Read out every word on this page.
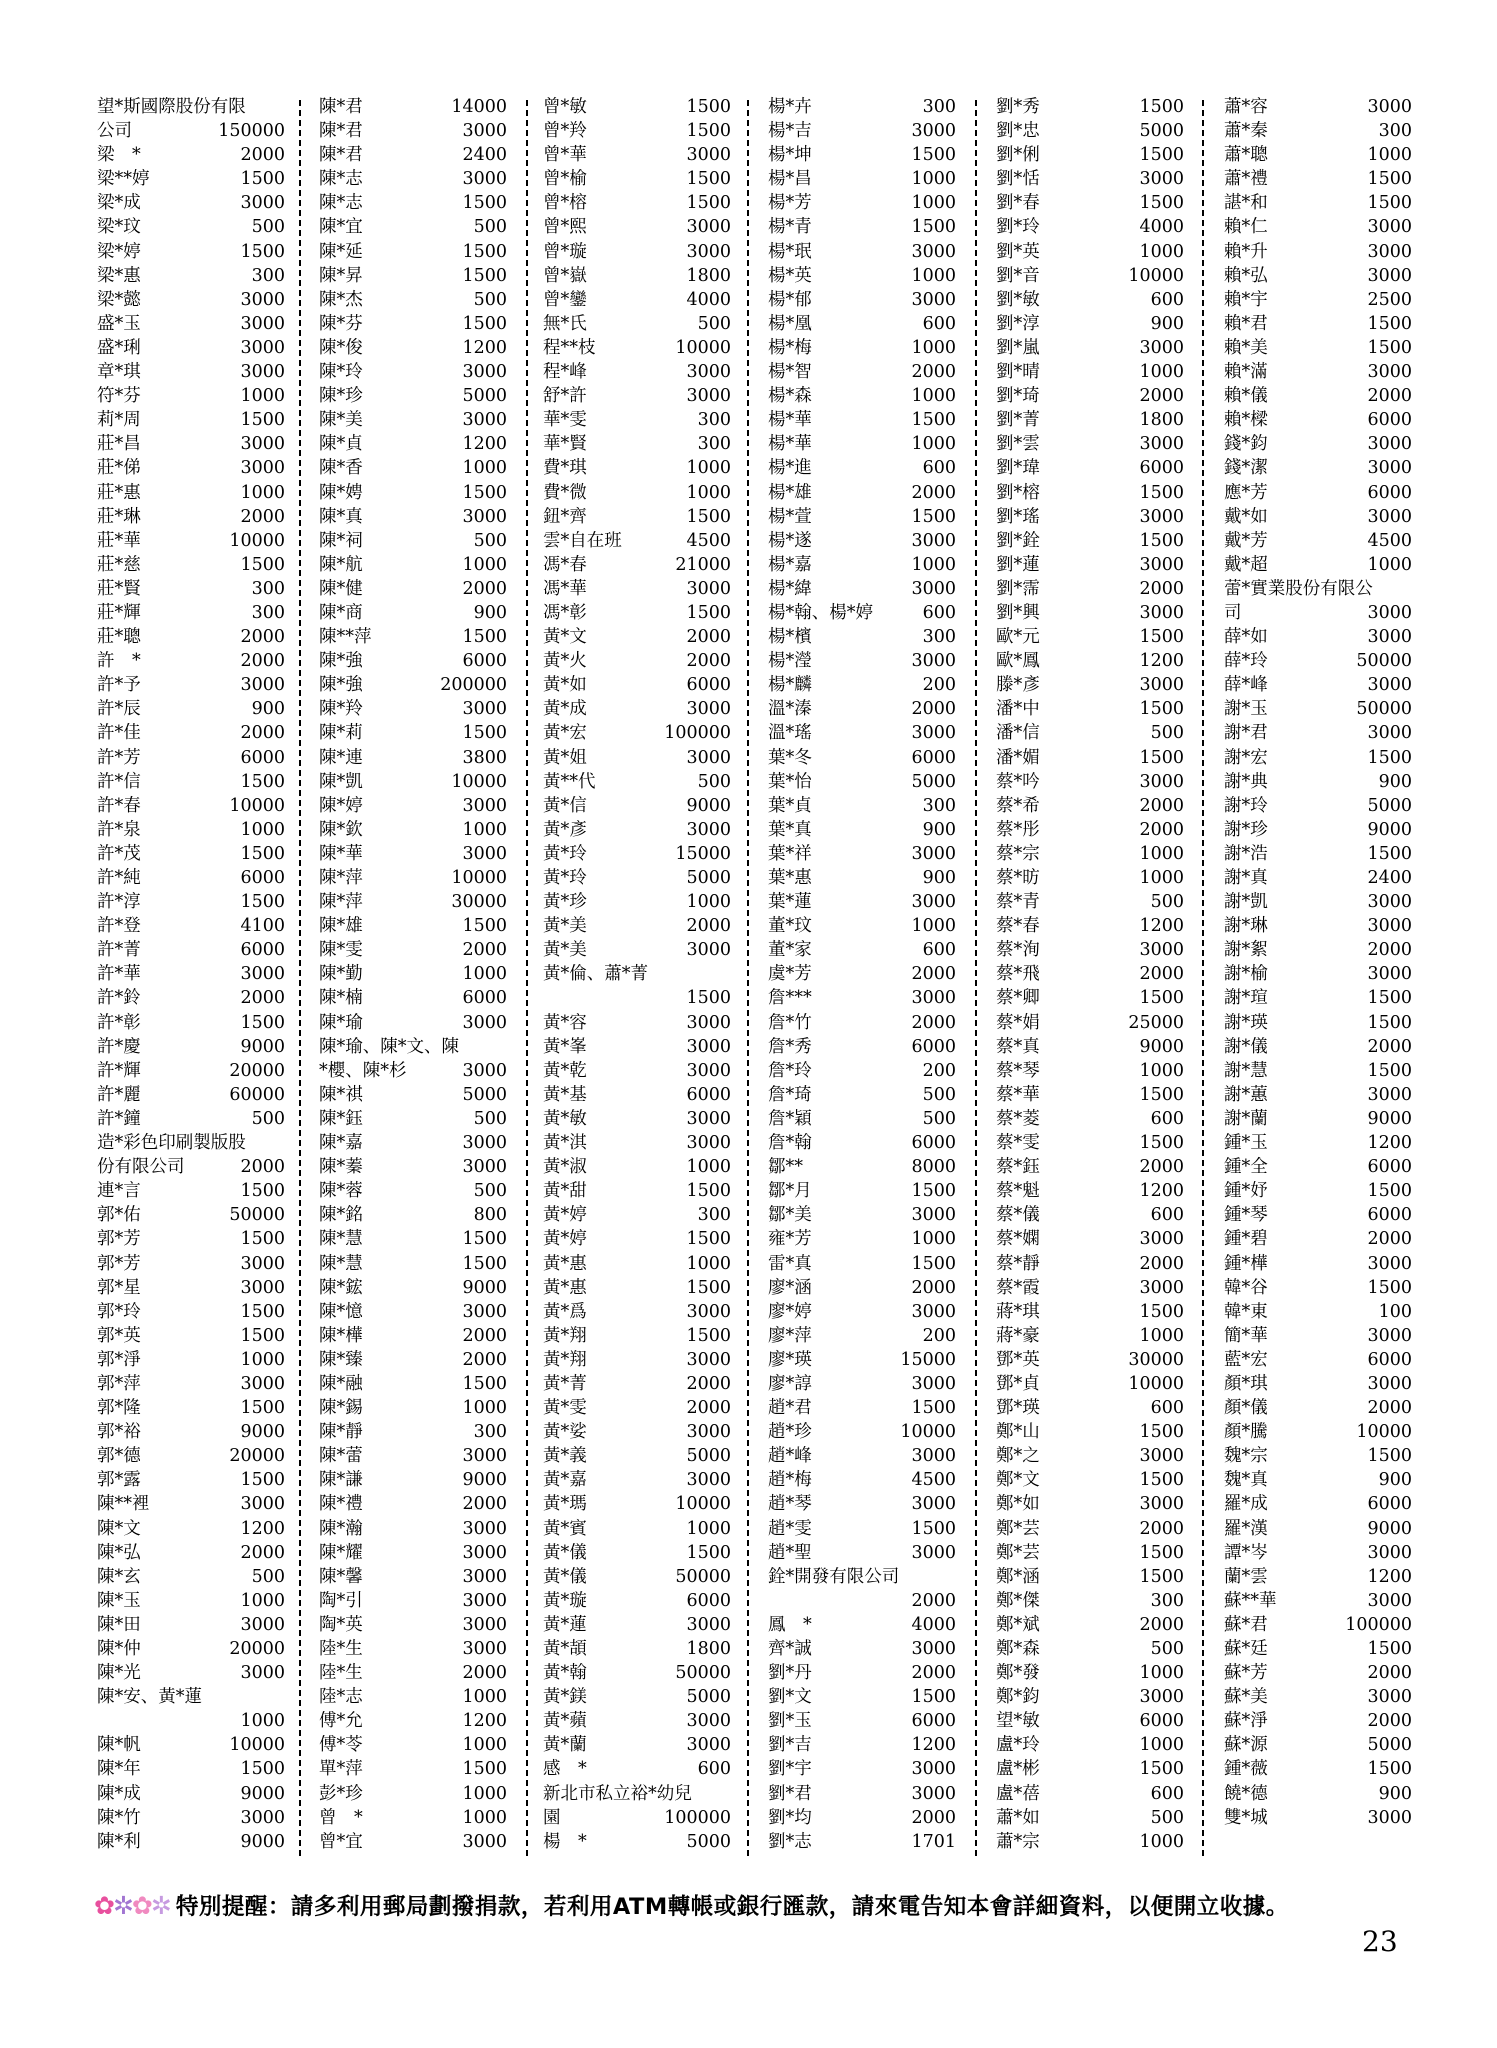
望*斯國際股份有限
公司	150000
梁　*	2000
梁**婷	1500
梁*成	3000
梁*玟	500
梁*婷	1500
梁*惠	300
梁*懿	3000
盛*玉	3000
盛*琍	3000
章*琪	3000
符*芬	1000
莉*周	1500
莊*昌	3000
莊*俤	3000
莊*惠	1000
莊*琳	2000
莊*華	10000
莊*慈	1500
莊*賢	300
莊*輝	300
莊*聰	2000
許　*	2000
許*予	3000
許*辰	900
許*佳	2000
許*芳	6000
許*信	1500
許*春	10000
許*泉	1000
許*茂	1500
許*純	6000
許*淳	1500
許*登	4100
許*菁	6000
許*華	3000
許*鈴	2000
許*彰	1500
許*慶	9000
許*輝	20000
許*麗	60000
許*鐘	500
造*彩色印刷製版股
份有限公司	2000
連*言	1500
郭*佑	50000
郭*芳	1500
郭*芳	3000
郭*星	3000
郭*玲	1500
郭*英	1500
郭*淨	1000
郭*萍	3000
郭*隆	1500
郭*裕	9000
郭*德	20000
郭*露	1500
陳**裡	3000
陳*文	1200
陳*弘	2000
陳*玄	500
陳*玉	1000
陳*田	3000
陳*仲	20000
陳*光	3000
陳*安、黃*蓮
1000
陳*帆	10000
陳*年	1500
陳*成	9000
陳*竹	3000
陳*利	9000
陳*君	14000
陳*君	3000
陳*君	2400
陳*志	3000
陳*志	1500
陳*宜	500
陳*延	1500
陳*昇	1500
陳*杰	500
陳*芬	1500
陳*俊	1200
陳*玲	3000
陳*珍	5000
陳*美	3000
陳*貞	1200
陳*香	1000
陳*娉	1500
陳*真	3000
陳*祠	500
陳*航	1000
陳*健	2000
陳*商	900
陳**萍	1500
陳*強	6000
陳*強	200000
陳*羚	3000
陳*莉	1500
陳*連	3800
陳*凱	10000
陳*婷	3000
陳*欽	1000
陳*華	3000
陳*萍	10000
陳*萍	30000
陳*雄	1500
陳*雯	2000
陳*勤	1000
陳*楠	6000
陳*瑜	3000
陳*瑜、陳*文、陳
*櫻、陳*杉	3000
陳*祺	5000
陳*鈺	500
陳*嘉	3000
陳*蓁	3000
陳*蓉	500
陳*銘	800
陳*慧	1500
陳*慧	1500
陳*鋐	9000
陳*憶	3000
陳*樺	2000
陳*臻	2000
陳*融	1500
陳*錫	1000
陳*靜	300
陳*蕾	3000
陳*謙	9000
陳*禮	2000
陳*瀚	3000
陳*耀	3000
陳*馨	3000
陶*引	3000
陶*英	3000
陸*生	3000
陸*生	2000
陸*志	1000
傅*允	1200
傅*苓	1000
單*萍	1500
彭*珍	1000
曾　*	1000
曾*宜	3000
曾*敏	1500
曾*羚	1500
曾*華	3000
曾*榆	1500
曾*榕	1500
曾*熙	3000
曾*璇	3000
曾*嶽	1800
曾*鑾	4000
無*氏	500
程**枝	10000
程*峰	3000
舒*許	3000
華*雯	300
華*賢	300
費*琪	1000
費*微	1000
鈕*齊	1500
雲*自在班	4500
馮*春	21000
馮*華	3000
馮*彰	1500
黃*文	2000
黃*火	2000
黃*如	6000
黃*成	3000
黃*宏	100000
黃*姐	3000
黃**代	500
黃*信	9000
黃*彥	3000
黃*玲	15000
黃*玲	5000
黃*珍	1000
黃*美	2000
黃*美	3000
黃*倫、蕭*菁
1500
黃*容	3000
黃*峯	3000
黃*乾	3000
黃*基	6000
黃*敏	3000
黃*淇	3000
黃*淑	1000
黃*甜	1500
黃*婷	300
黃*婷	1500
黃*惠	1000
黃*惠	1500
黃*爲	3000
黃*翔	1500
黃*翔	3000
黃*菁	2000
黃*雯	2000
黃*娑	3000
黃*義	5000
黃*嘉	3000
黃*瑪	10000
黃*賓	1000
黃*儀	1500
黃*儀	50000
黃*璇	6000
黃*蓮	3000
黃*頡	1800
黃*翰	50000
黃*鎂	5000
黃*蘋	3000
黃*蘭	3000
感　*	600
新北市私立裕*幼兒
園	100000
楊　*	5000
楊*卉	300
楊*吉	3000
楊*坤	1500
楊*昌	1000
楊*芳	1000
楊*青	1500
楊*珉	3000
楊*英	1000
楊*郁	3000
楊*凰	600
楊*梅	1000
楊*智	2000
楊*森	1000
楊*華	1500
楊*華	1000
楊*進	600
楊*雄	2000
楊*萱	1500
楊*遂	3000
楊*嘉	1000
楊*緯	3000
楊*翰、楊*婷	600
楊*檳	300
楊*瀅	3000
楊*麟	200
溫*溱	2000
溫*瑤	3000
葉*冬	6000
葉*怡	5000
葉*貞	300
葉*真	900
葉*祥	3000
葉*惠	900
葉*蓮	3000
董*玟	1000
董*家	600
虞*芳	2000
詹***	3000
詹*竹	2000
詹*秀	6000
詹*玲	200
詹*琦	500
詹*穎	500
詹*翰	6000
鄒**	8000
鄒*月	1500
鄒*美	3000
雍*芳	1000
雷*真	1500
廖*涵	2000
廖*婷	3000
廖*萍	200
廖*瑛	15000
廖*諄	3000
趙*君	1500
趙*珍	10000
趙*峰	3000
趙*梅	4500
趙*琴	3000
趙*雯	1500
趙*聖	3000
銓*開發有限公司
2000
鳳　*	4000
齊*誠	3000
劉*丹	2000
劉*文	1500
劉*玉	6000
劉*吉	1200
劉*宇	3000
劉*君	3000
劉*均	2000
劉*志	1701
劉*秀	1500
劉*忠	5000
劉*俐	1500
劉*恬	3000
劉*春	1500
劉*玲	4000
劉*英	1000
劉*音	10000
劉*敏	600
劉*淳	900
劉*嵐	3000
劉*晴	1000
劉*琦	2000
劉*菁	1800
劉*雲	3000
劉*瑋	6000
劉*榕	1500
劉*瑤	3000
劉*銓	1500
劉*蓮	3000
劉*霈	2000
劉*興	3000
歐*元	1500
歐*鳳	1200
滕*彥	3000
潘*中	1500
潘*信	500
潘*媚	1500
蔡*吟	3000
蔡*希	2000
蔡*彤	2000
蔡*宗	1000
蔡*昉	1000
蔡*青	500
蔡*春	1200
蔡*洵	3000
蔡*飛	2000
蔡*卿	1500
蔡*娟	25000
蔡*真	9000
蔡*琴	1000
蔡*華	1500
蔡*菱	600
蔡*雯	1500
蔡*鈺	2000
蔡*魁	1200
蔡*儀	600
蔡*嫻	3000
蔡*靜	2000
蔡*霞	3000
蔣*琪	1500
蔣*豪	1000
鄧*英	30000
鄧*貞	10000
鄧*瑛	600
鄭*山	1500
鄭*之	3000
鄭*文	1500
鄭*如	3000
鄭*芸	2000
鄭*芸	1500
鄭*涵	1500
鄭*傑	300
鄭*斌	2000
鄭*森	500
鄭*發	1000
鄭*鈞	3000
望*敏	6000
盧*玲	1000
盧*彬	1500
盧*蓓	600
蕭*如	500
蕭*宗	1000
蕭*容	3000
蕭*秦	300
蕭*聰	1000
蕭*禮	1500
諶*和	1500
賴*仁	3000
賴*升	3000
賴*弘	3000
賴*宇	2500
賴*君	1500
賴*美	1500
賴*滿	3000
賴*儀	2000
賴*樑	6000
錢*鈞	3000
錢*潔	3000
應*芳	6000
戴*如	3000
戴*芳	4500
戴*超	1000
蕾*實業股份有限公
司	3000
薛*如	3000
薛*玲	50000
薛*峰	3000
謝*玉	50000
謝*君	3000
謝*宏	1500
謝*典	900
謝*玲	5000
謝*珍	9000
謝*浩	1500
謝*真	2400
謝*凱	3000
謝*琳	3000
謝*絮	2000
謝*榆	3000
謝*瑄	1500
謝*瑛	1500
謝*儀	2000
謝*慧	1500
謝*蕙	3000
謝*蘭	9000
鍾*玉	1200
鍾*全	6000
鍾*妤	1500
鍾*琴	6000
鍾*碧	2000
鍾*樺	3000
韓*谷	1500
韓*東	100
簡*華	3000
藍*宏	6000
顏*琪	3000
顏*儀	2000
顏*騰	10000
魏*宗	1500
魏*真	900
羅*成	6000
羅*漢	9000
譚*岑	3000
蘭*雲	1200
蘇**華	3000
蘇*君	100000
蘇*廷	1500
蘇*芳	2000
蘇*美	3000
蘇*淨	2000
蘇*源	5000
鍾*薇	1500
饒*德	900
雙*城	3000
✿✲✿✲ 特別提醒：請多利用郵局劃撥捐款，若利用ATM轉帳或銀行匯款，請來電告知本會詳細資料，以便開立收據。
23
